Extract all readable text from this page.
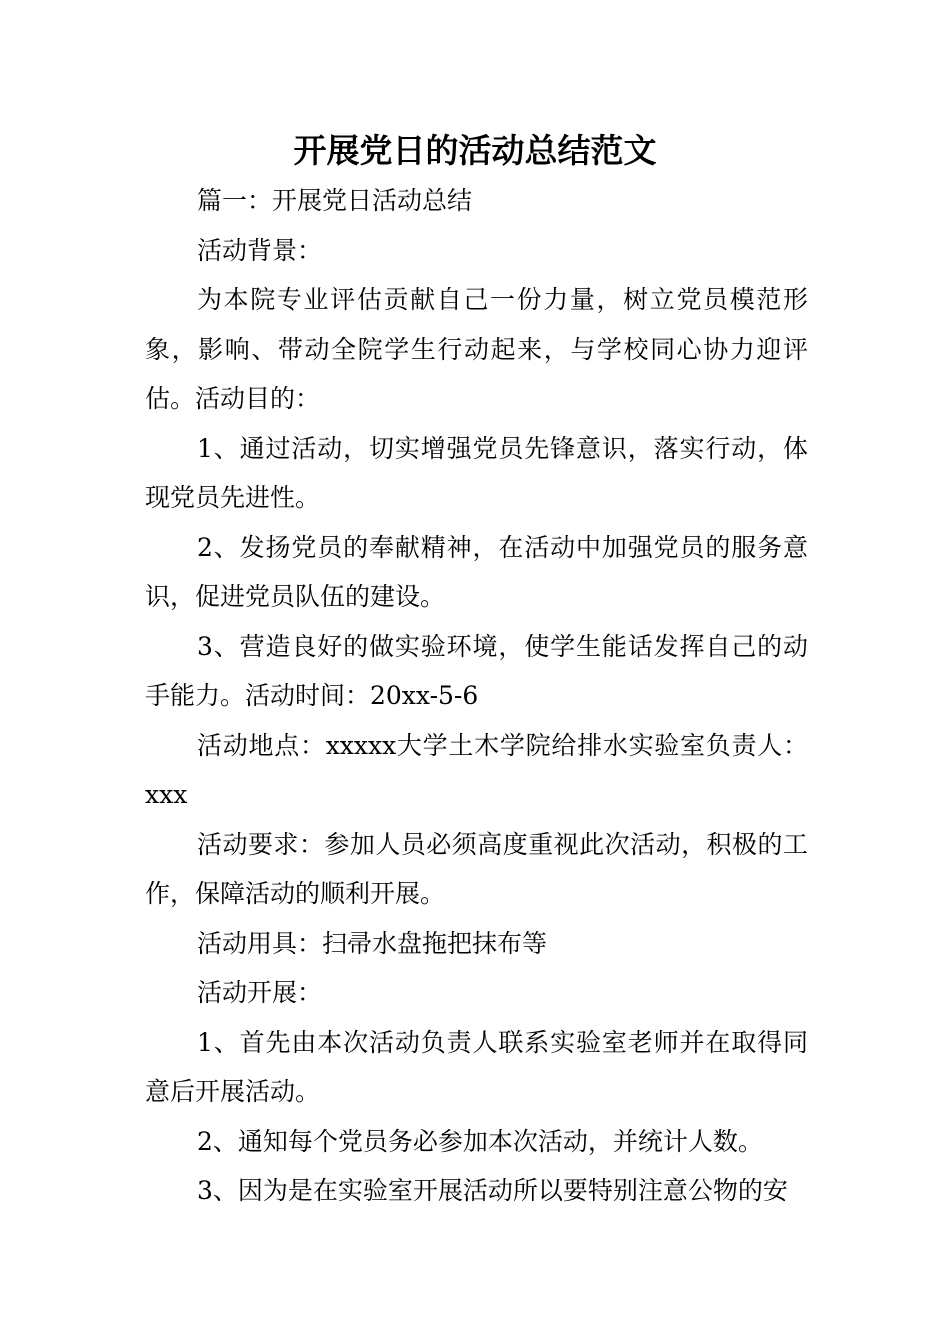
开展党日的活动总结范文

篇一：开展党日活动总结

活动背景：

为本院专业评估贡献自己一份力量，树立党员模范形象，影响、带动全院学生行动起来，与学校同心协力迎评估。活动目的：

1、通过活动，切实增强党员先锋意识，落实行动，体现党员先进性。

2、发扬党员的奉献精神，在活动中加强党员的服务意识，促进党员队伍的建设。

3、营造良好的做实验环境，使学生能话发挥自己的动手能力。活动时间：20xx-5-6

活动地点：xxxxx大学土木学院给排水实验室负责人：xxx

活动要求：参加人员必须高度重视此次活动，积极的工作，保障活动的顺利开展。

活动用具：扫帚水盘拖把抹布等

活动开展：

1、首先由本次活动负责人联系实验室老师并在取得同意后开展活动。

2、通知每个党员务必参加本次活动，并统计人数。

3、因为是在实验室开展活动所以要特别注意公物的安
